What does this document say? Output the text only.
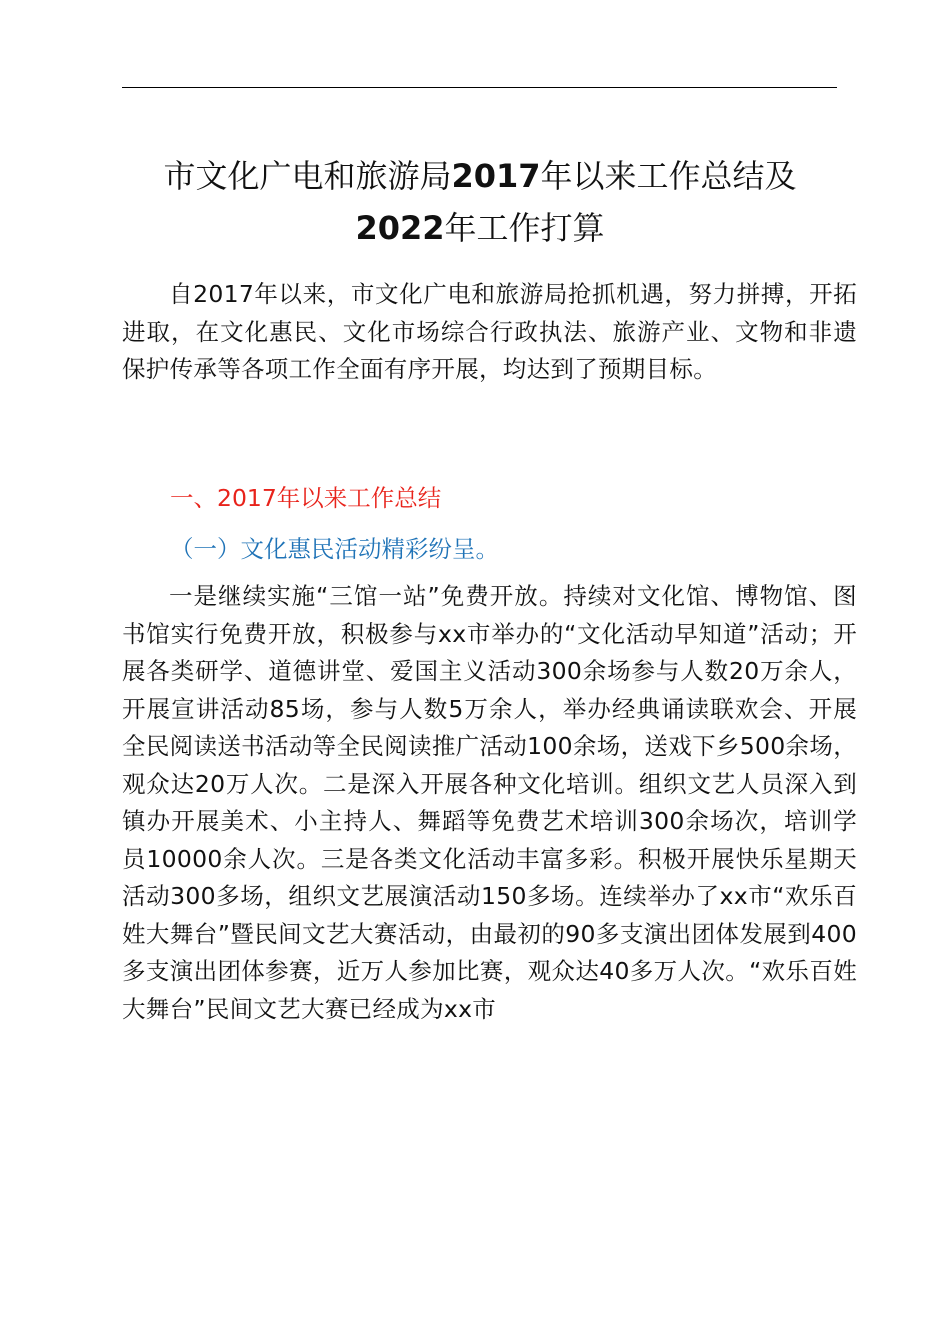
市文化广电和旅游局2017年以来工作总结及
2022年工作打算

自2017年以来，市文化广电和旅游局抢抓机遇，努力拼搏，开拓进取，在文化惠民、文化市场综合行政执法、旅游产业、文物和非遗保护传承等各项工作全面有序开展，均达到了预期目标。

一、2017年以来工作总结
（一）文化惠民活动精彩纷呈。

一是继续实施“三馆一站”免费开放。持续对文化馆、博物馆、图书馆实行免费开放，积极参与xx市举办的“文化活动早知道”活动；开展各类研学、道德讲堂、爱国主义活动300余场参与人数20万余人，开展宣讲活动85场，参与人数5万余人，举办经典诵读联欢会、开展全民阅读送书活动等全民阅读推广活动100余场，送戏下乡500余场，观众达20万人次。二是深入开展各种文化培训。组织文艺人员深入到镇办开展美术、小主持人、舞蹈等免费艺术培训300余场次，培训学员10000余人次。三是各类文化活动丰富多彩。积极开展快乐星期天活动300多场，组织文艺展演活动150多场。连续举办了xx市“欢乐百姓大舞台”暨民间文艺大赛活动，由最初的90多支演出团体发展到400多支演出团体参赛，近万人参加比赛，观众达40多万人次。“欢乐百姓大舞台”民间文艺大赛已经成为xx市
